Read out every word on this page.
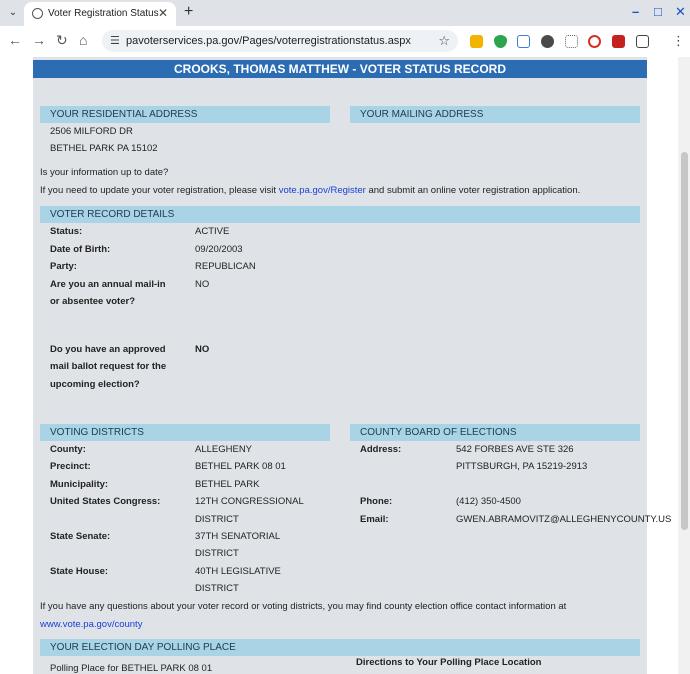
⌄	Voter Registration Status ✕ +	– □ ✕
← → ↻ ⌂ ☰ pavoterservices.pa.gov/Pages/voterregistrationstatus.aspx ☆	⋮
CROOKS, THOMAS MATTHEW - VOTER STATUS RECORD
YOUR RESIDENTIAL ADDRESS	YOUR MAILING ADDRESS
2506 MILFORD DR
BETHEL PARK PA 15102
Is your information up to date?
If you need to update your voter registration, please visit vote.pa.gov/Register and submit an online voter registration application.
VOTER RECORD DETAILS
Status:	ACTIVE
Date of Birth:	09/20/2003
Party:	REPUBLICAN
Are you an annual mail-in
or absentee voter?
NO
Do you have an approved
mail ballot request for the
upcoming election?
NO
VOTING DISTRICTS	COUNTY BOARD OF ELECTIONS
County:	ALLEGHENY
Precinct:	BETHEL PARK 08 01
Municipality:	BETHEL PARK
United States Congress:	12TH CONGRESSIONAL
DISTRICT
State Senate:	37TH SENATORIAL
DISTRICT
State House:	40TH LEGISLATIVE
DISTRICT
Address:	542 FORBES AVE STE 326
PITTSBURGH, PA 15219-2913
Phone:	(412) 350-4500
Email:	GWEN.ABRAMOVITZ@ALLEGHENYCOUNTY.US
If you have any questions about your voter record or voting districts, you may find county election office contact information at
www.vote.pa.gov/county
YOUR ELECTION DAY POLLING PLACE
Polling Place for BETHEL PARK 08 01
Directions to Your Polling Place Location
